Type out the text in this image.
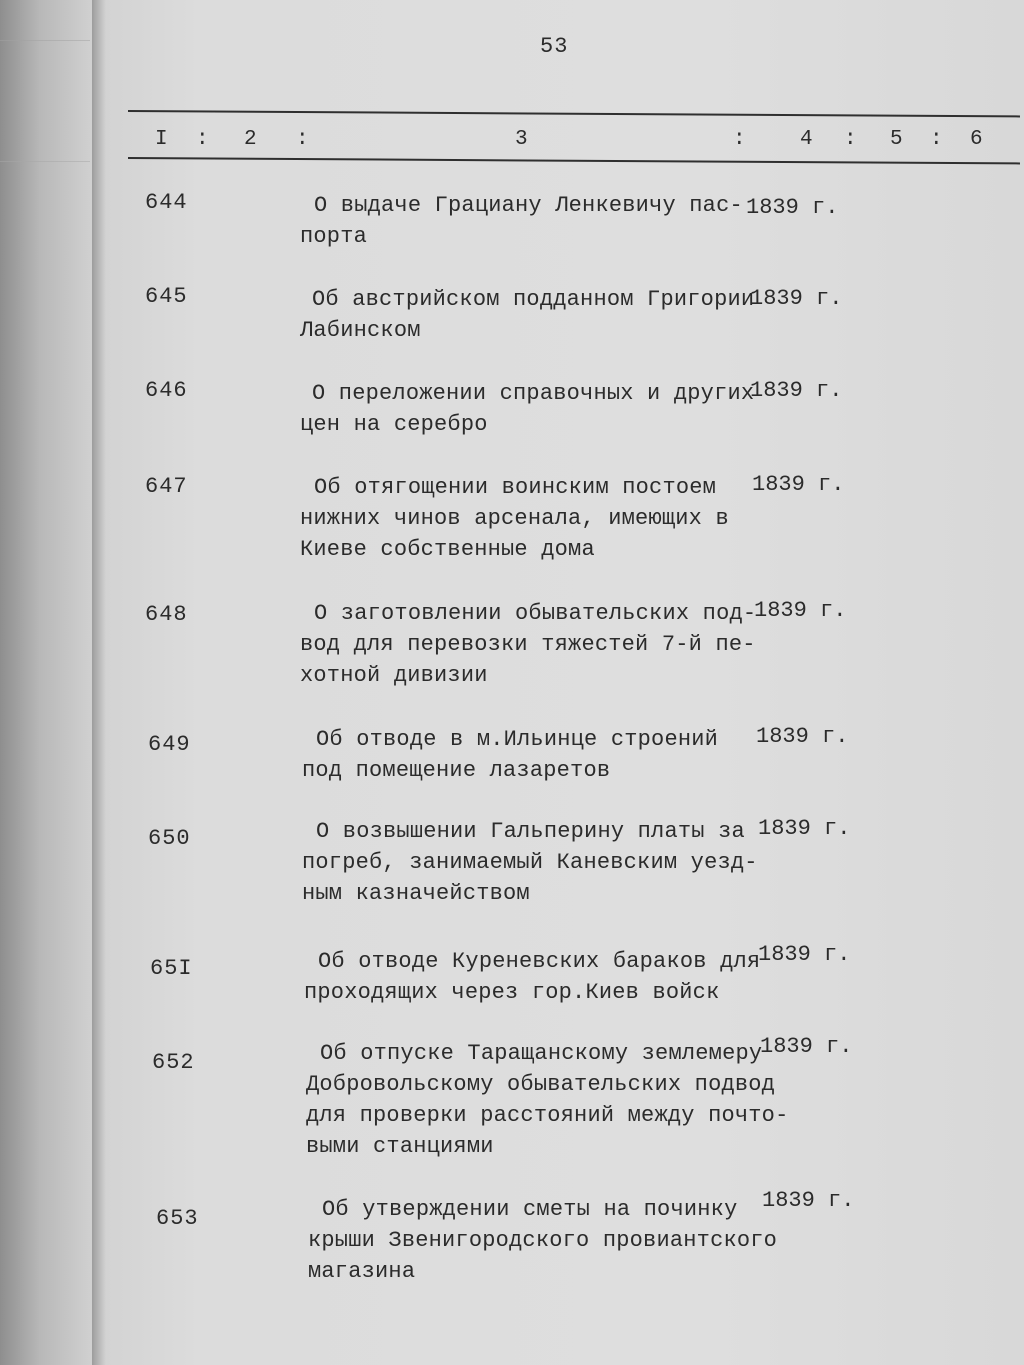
53
I : 2 :	3	:	4 : 5 : 6
644	О выдаче Грациану Ленкевичу пас-
порта
1839 г.
645	Об австрийском подданном Григории
Лабинском
1839 г.
646	О переложении справочных и других
цен на серебро
1839 г.
647	Об отягощении воинским постоем
нижних чинов арсенала, имеющих в
Киеве собственные дома
1839 г.
648	О заготовлении обывательских под-
вод для перевозки тяжестей 7-й пе-
хотной дивизии
1839 г.
649	Об отводе в м.Ильинце строений
под помещение лазаретов
1839 г.
650	О возвышении Гальперину платы за
погреб, занимаемый Каневским уезд-
ным казначейством
1839 г.
65I	Об отводе Куреневских бараков для
проходящих через гор.Киев войск
1839 г.
652	Об отпуске Таращанскому землемеру
Добровольскому обывательских подвод
для проверки расстояний между почто-
выми станциями
1839 г.
653	Об утверждении сметы на починку
крыши Звенигородского провиантского
магазина
1839 г.
